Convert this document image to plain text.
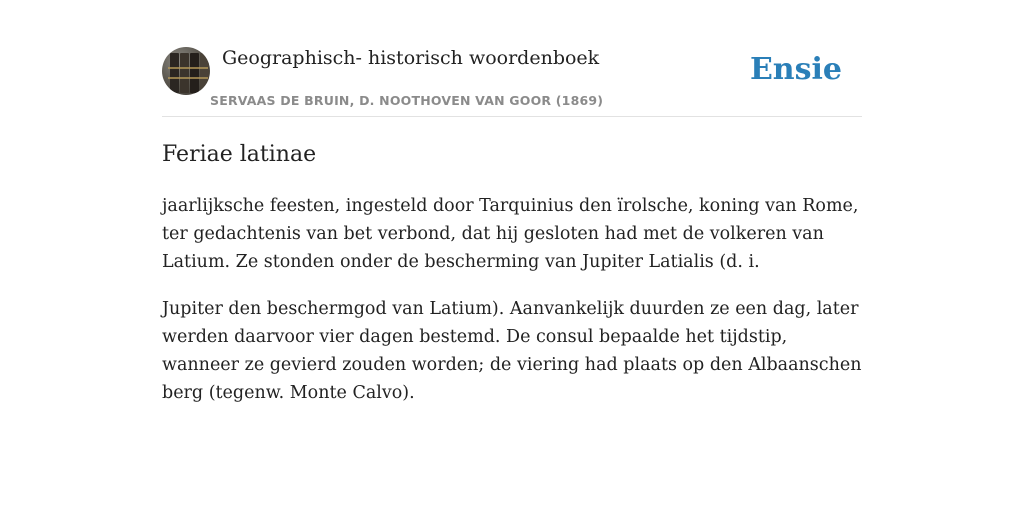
Geographisch- historisch woordenboek
SERVAAS DE BRUIN, D. NOOTHOVEN VAN GOOR (1869)
Ensie
Feriae latinae

jaarlijksche feesten, ingesteld door Tarquinius den ïrolsche, koning van Rome, ter gedachtenis van bet verbond, dat hij gesloten had met de volkeren van Latium. Ze stonden onder de bescherming van Jupiter Latialis (d. i.

Jupiter den beschermgod van Latium). Aanvankelijk duurden ze een dag, later werden daarvoor vier dagen bestemd. De consul bepaalde het tijdstip, wanneer ze gevierd zouden worden; de viering had plaats op den Albaanschen berg (tegenw. Monte Calvo).
